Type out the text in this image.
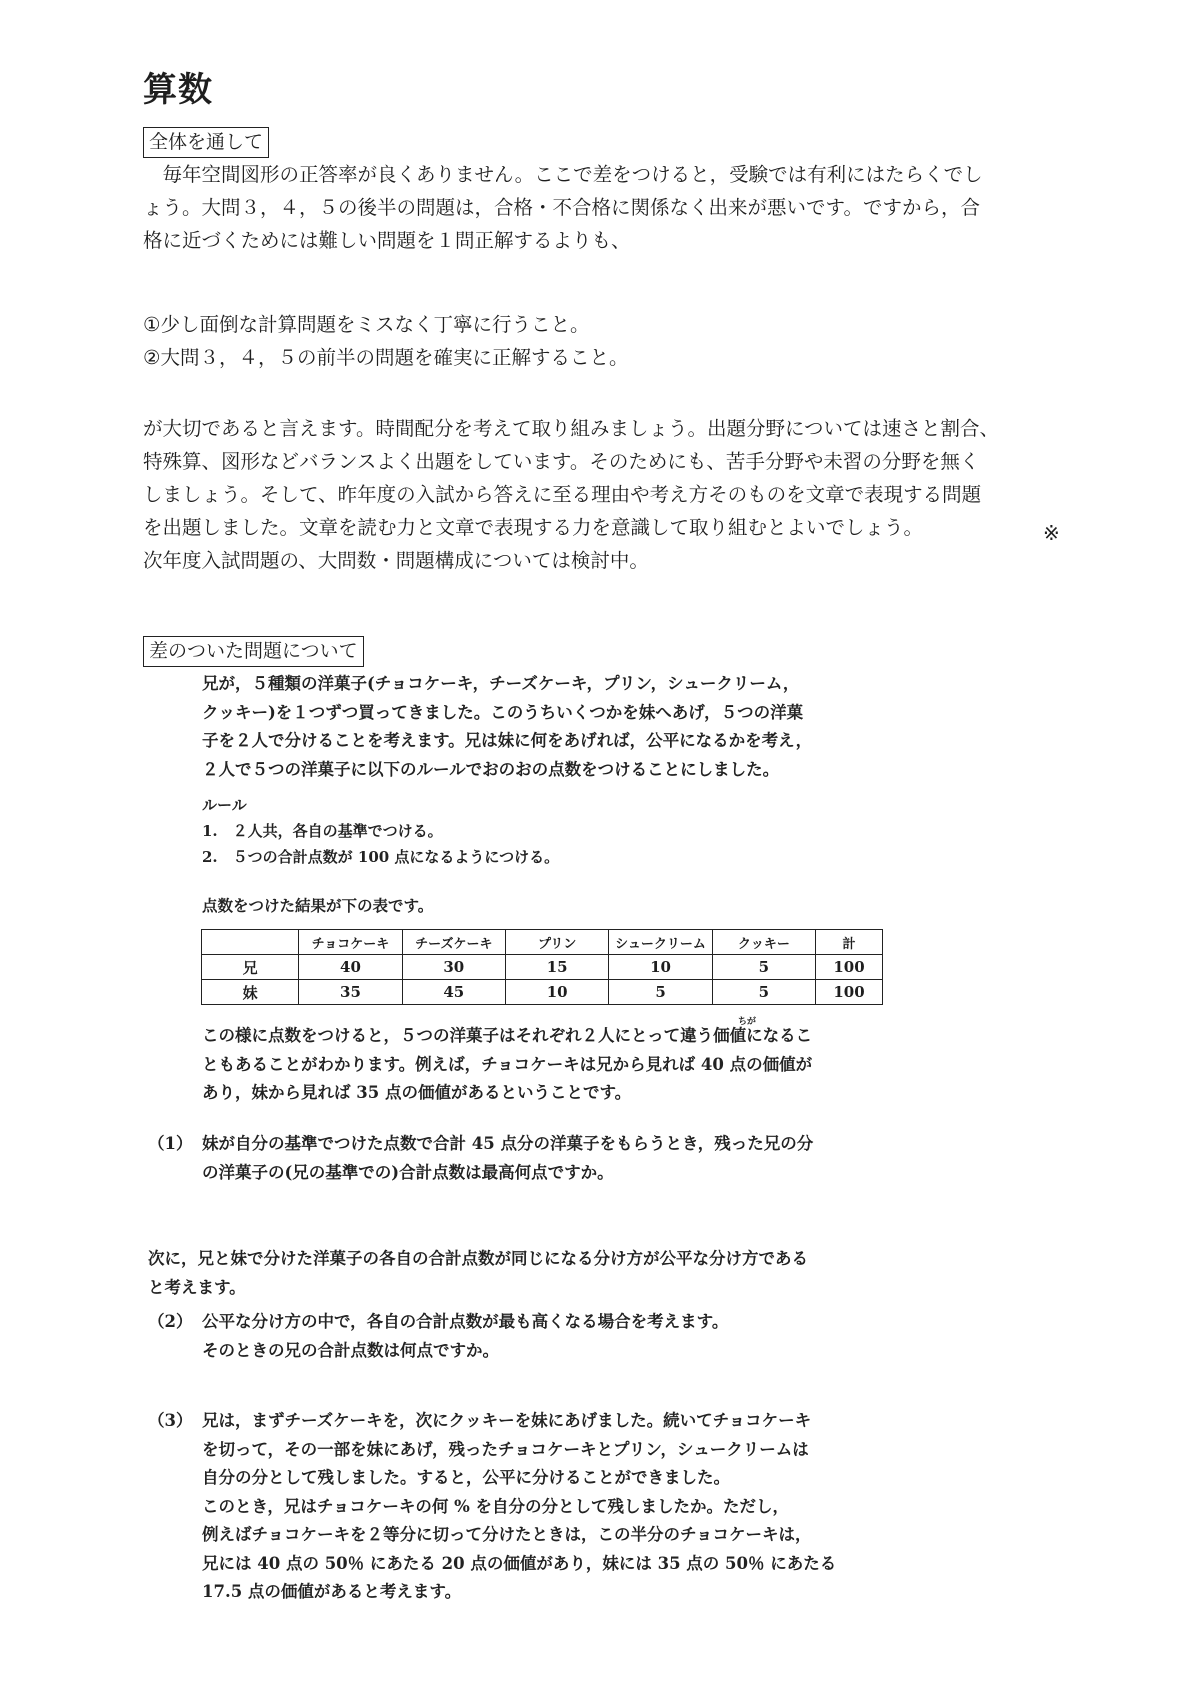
算数
全体を通して

毎年空間図形の正答率が良くありません。ここで差をつけると，受験では有利にはたらくでし

ょう。大問３，４，５の後半の問題は，合格・不合格に関係なく出来が悪いです。ですから，合

格に近づくためには難しい問題を１問正解するよりも、

①少し面倒な計算問題をミスなく丁寧に行うこと。

②大問３，４，５の前半の問題を確実に正解すること。

が大切であると言えます。時間配分を考えて取り組みましょう。出題分野については速さと割合、

特殊算、図形などバランスよく出題をしています。そのためにも、苦手分野や未習の分野を無く

しましょう。そして、昨年度の入試から答えに至る理由や考え方そのものを文章で表現する問題

を出題しました。文章を読む力と文章で表現する力を意識して取り組むとよいでしょう。

次年度入試問題の、大問数・問題構成については検討中。

※
差のついた問題について

兄が，５種類の洋菓子(チョコケーキ，チーズケーキ，プリン，シュークリーム，

クッキー)を１つずつ買ってきました。このうちいくつかを妹へあげ，５つの洋菓

子を２人で分けることを考えます。兄は妹に何をあげれば，公平になるかを考え，

２人で５つの洋菓子に以下のルールでおのおの点数をつけることにしました。

ルール

1.　２人共，各自の基準でつける。

2.　５つの合計点数が 100 点になるようにつける。

点数をつけた結果が下の表です。
	チョコケーキ	チーズケーキ	プリン	シュークリーム	クッキー	計
兄	40	30	15	10	5	100
妹	35	45	10	5	5	100
ちが

この様に点数をつけると，５つの洋菓子はそれぞれ２人にとって違う価値になるこ

ともあることがわかります。例えば，チョコケーキは兄から見れば 40 点の価値が

あり，妹から見れば 35 点の価値があるということです。

（1） 妹が自分の基準でつけた点数で合計 45 点分の洋菓子をもらうとき，残った兄の分

の洋菓子の(兄の基準での)合計点数は最高何点ですか。

次に，兄と妹で分けた洋菓子の各自の合計点数が同じになる分け方が公平な分け方である

と考えます。

（2） 公平な分け方の中で，各自の合計点数が最も高くなる場合を考えます。

そのときの兄の合計点数は何点ですか。

（3） 兄は，まずチーズケーキを，次にクッキーを妹にあげました。続いてチョコケーキ

を切って，その一部を妹にあげ，残ったチョコケーキとプリン，シュークリームは

自分の分として残しました。すると，公平に分けることができました。

このとき，兄はチョコケーキの何 % を自分の分として残しましたか。ただし，

例えばチョコケーキを２等分に切って分けたときは，この半分のチョコケーキは，

兄には 40 点の 50％ にあたる 20 点の価値があり，妹には 35 点の 50％ にあたる

17.5 点の価値があると考えます。
